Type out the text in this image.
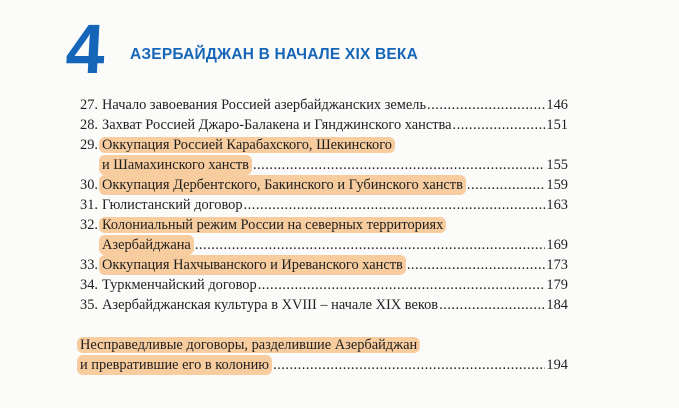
4 АЗЕРБАЙДЖАН В НАЧАЛЕ XIX ВЕКА
27. Начало завоевания Россией азербайджанских земель .....	146
28. Захват Россией Джаро-Балакена и Гянджинского ханства .....	151
29. Оккупация Россией Карабахского, Шекинского
и Шамахинского ханств .....	155
30. Оккупация Дербентского, Бакинского и Губинского ханств .....	159
31. Гюлистанский договор .....	163
32. Колониальный режим России на северных территориях
Азербайджана .....	169
33. Оккупация Нахчыванского и Иреванского ханств .....	173
34. Туркменчайский договор .....	179
35. Азербайджанская культура в XVIII – начале XIX веков .....	184
Несправедливые договоры, разделившие Азербайджан
и превратившие его в колонию .....	194
